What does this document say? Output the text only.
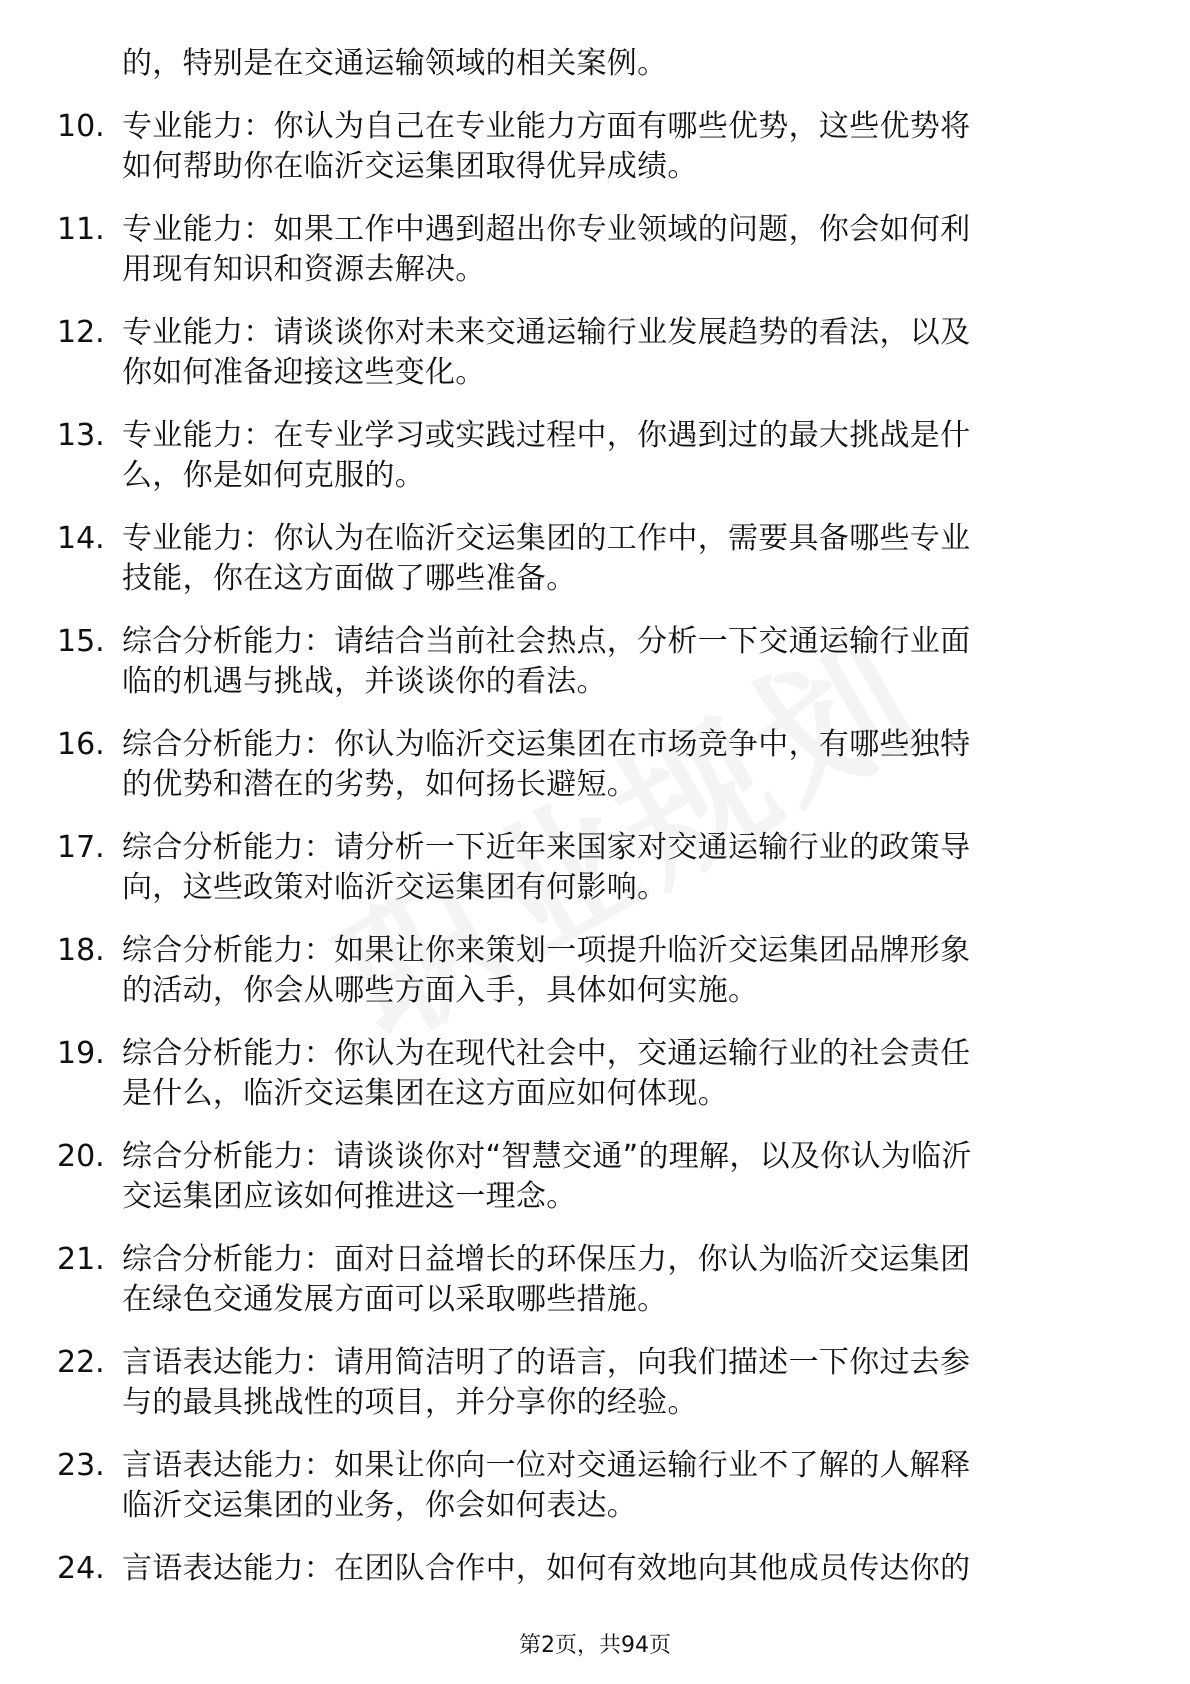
的，特别是在交通运输领域的相关案例。
10. 专业能力：你认为自己在专业能力方面有哪些优势，这些优势将
如何帮助你在临沂交运集团取得优异成绩。
11. 专业能力：如果工作中遇到超出你专业领域的问题，你会如何利
用现有知识和资源去解决。
12. 专业能力：请谈谈你对未来交通运输行业发展趋势的看法，以及
你如何准备迎接这些变化。
13. 专业能力：在专业学习或实践过程中，你遇到过的最大挑战是什
么，你是如何克服的。
14. 专业能力：你认为在临沂交运集团的工作中，需要具备哪些专业
技能，你在这方面做了哪些准备。
15. 综合分析能力：请结合当前社会热点，分析一下交通运输行业面
临的机遇与挑战，并谈谈你的看法。
16. 综合分析能力：你认为临沂交运集团在市场竞争中，有哪些独特
的优势和潜在的劣势，如何扬长避短。
17. 综合分析能力：请分析一下近年来国家对交通运输行业的政策导
向，这些政策对临沂交运集团有何影响。
18. 综合分析能力：如果让你来策划一项提升临沂交运集团品牌形象
的活动，你会从哪些方面入手，具体如何实施。
19. 综合分析能力：你认为在现代社会中，交通运输行业的社会责任
是什么，临沂交运集团在这方面应如何体现。
20. 综合分析能力：请谈谈你对“智慧交通”的理解，以及你认为临沂
交运集团应该如何推进这一理念。
21. 综合分析能力：面对日益增长的环保压力，你认为临沂交运集团
在绿色交通发展方面可以采取哪些措施。
22. 言语表达能力：请用简洁明了的语言，向我们描述一下你过去参
与的最具挑战性的项目，并分享你的经验。
23. 言语表达能力：如果让你向一位对交通运输行业不了解的人解释
临沂交运集团的业务，你会如何表达。
24. 言语表达能力：在团队合作中，如何有效地向其他成员传达你的
第2页，共94页
